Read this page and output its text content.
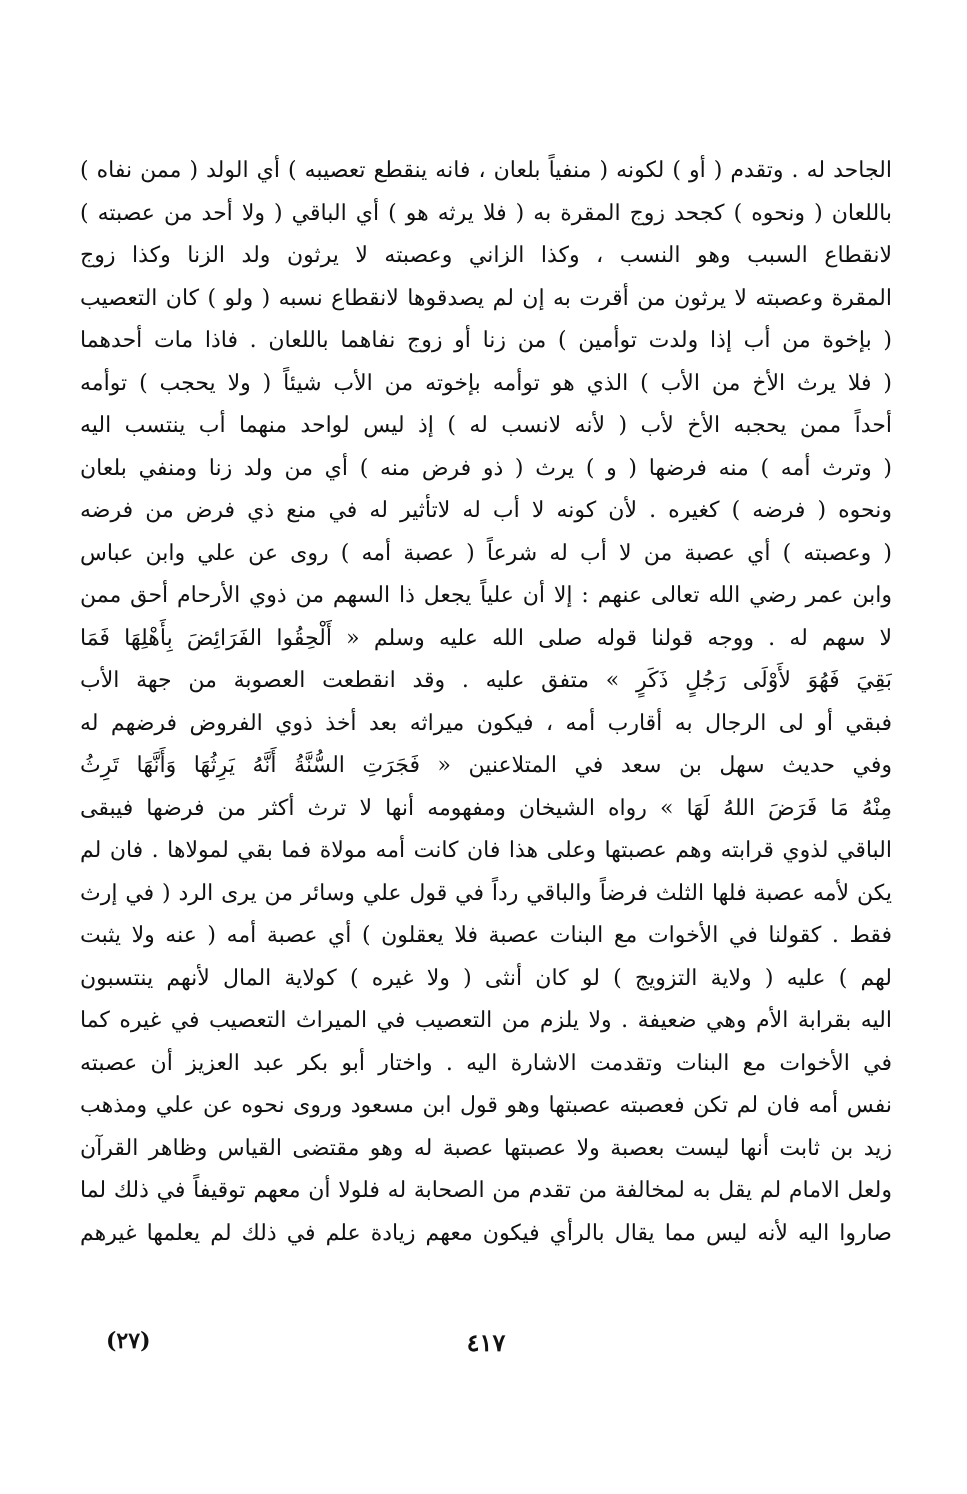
الجاحد له . وتقدم ( أو ) لكونه ( منفياً بلعان ، فانه ينقطع تعصيبه ) أي الولد ( ممن نفاه )
باللعان ( ونحوه ) كجحد زوج المقرة به ( فلا يرثه هو ) أي الباقي ( ولا أحد من عصبته )
لانقطاع السبب وهو النسب ، وكذا الزاني وعصبته لا يرثون ولد الزنا وكذا زوج
المقرة وعصبته لا يرثون من أقرت به إن لم يصدقوها لانقطاع نسبه ( ولو ) كان التعصيب
( بإخوة من أب إذا ولدت توأمين ) من زنا أو زوج نفاهما باللعان . فاذا مات أحدهما
( فلا يرث الأخ من الأب ) الذي هو توأمه بإخوته من الأب شيئاً ( ولا يحجب ) توأمه
أحداً ممن يحجبه الأخ لأب ( لأنه لانسب له ) إذ ليس لواحد منهما أب ينتسب اليه
( وترث أمه ) منه فرضها ( و ) يرث ( ذو فرض منه ) أي من ولد زنا ومنفي بلعان
ونحوه ( فرضه ) كغيره . لأن كونه لا أب له لاتأثير له في منع ذي فرض من فرضه
( وعصبته ) أي عصبة من لا أب له شرعاً ( عصبة أمه ) روى عن علي وابن عباس
وابن عمر رضي الله تعالى عنهم : إلا أن علياً يجعل ذا السهم من ذوي الأرحام أحق ممن
لا سهم له . ووجه قولنا قوله صلى الله عليه وسلم « أَلْحِقُوا الفَرَائِضَ بِأَهْلِهَا فَمَا
بَقِيَ فَهُوَ لأَوْلَى رَجُلٍ ذَكَرٍ » متفق عليه . وقد انقطعت العصوبة من جهة الأب
فبقي أو لى الرجال به أقارب أمه ، فيكون ميراثه بعد أخذ ذوي الفروض فرضهم له
وفي حديث سهل بن سعد في المتلاعنين « فَجَرَتِ السُّنَّةُ أَنَّهُ يَرِثُهَا وَأَنَّهَا تَرِثُ
مِنْهُ مَا فَرَضَ اللهُ لَهَا » رواه الشيخان ومفهومه أنها لا ترث أكثر من فرضها فيبقى
الباقي لذوي قرابته وهم عصبتها وعلى هذا فان كانت أمه مولاة فما بقي لمولاها . فان لم
يكن لأمه عصبة فلها الثلث فرضاً والباقي رداً في قول علي وسائر من يرى الرد ( في إرث
فقط . كقولنا في الأخوات مع البنات عصبة فلا يعقلون ) أي عصبة أمه ( عنه ولا يثبت
لهم ) عليه ( ولاية التزويج ) لو كان أنثى ( ولا غيره ) كولاية المال لأنهم ينتسبون
اليه بقرابة الأم وهي ضعيفة . ولا يلزم من التعصيب في الميراث التعصيب في غيره كما
في الأخوات مع البنات وتقدمت الاشارة اليه . واختار أبو بكر عبد العزيز أن عصبته
نفس أمه فان لم تكن فعصبته عصبتها وهو قول ابن مسعود وروى نحوه عن علي ومذهب
زيد بن ثابت أنها ليست بعصبة ولا عصبتها عصبة له وهو مقتضى القياس وظاهر القرآن
ولعل الامام لم يقل به لمخالفة من تقدم من الصحابة له فلولا أن معهم توقيفاً في ذلك لما
صاروا اليه لأنه ليس مما يقال بالرأي فيكون معهم زيادة علم في ذلك لم يعلمها غيرهم
٤١٧
(٢٧)
